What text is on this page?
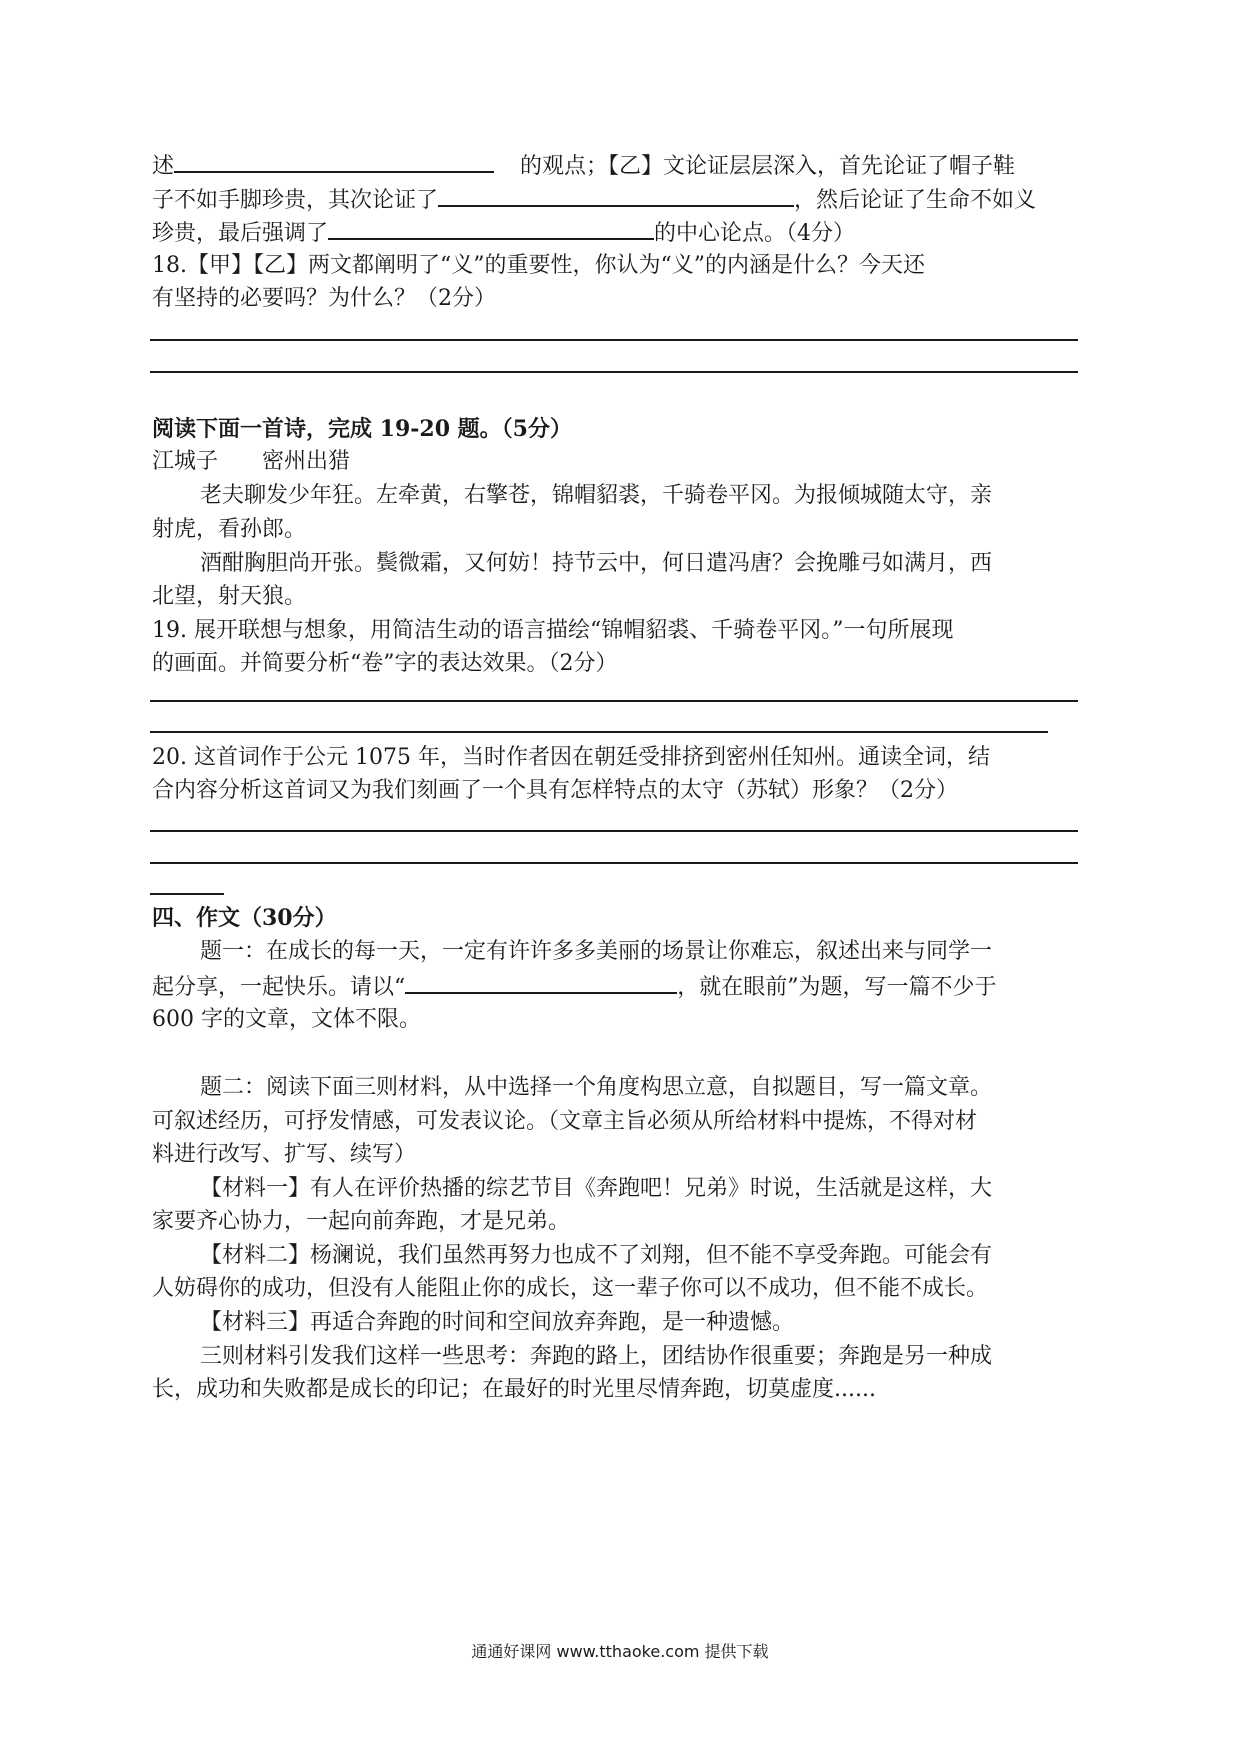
述	的观点；【乙】文论证层层深入，首先论证了帽子鞋
子不如手脚珍贵，其次论证了	，然后论证了生命不如义
珍贵，最后强调了	的中心论点。（4分）
18.【甲】【乙】两文都阐明了“义”的重要性，你认为“义”的内涵是什么？今天还
有坚持的必要吗？为什么？（2分）
阅读下面一首诗，完成 19-20 题。（5分）
江城子　　密州出猎
老夫聊发少年狂。左牵黄，右擎苍，锦帽貂裘，千骑卷平冈。为报倾城随太守，亲
射虎，看孙郎。
酒酣胸胆尚开张。鬓微霜，又何妨！持节云中，何日遣冯唐？会挽雕弓如满月，西
北望，射天狼。
19. 展开联想与想象，用简洁生动的语言描绘“锦帽貂裘、千骑卷平冈。”一句所展现
的画面。并简要分析“卷”字的表达效果。（2分）
20. 这首词作于公元 1075 年，当时作者因在朝廷受排挤到密州任知州。通读全词，结
合内容分析这首词又为我们刻画了一个具有怎样特点的太守（苏轼）形象？（2分）
四、作文（30分）
题一：在成长的每一天，一定有许许多多美丽的场景让你难忘，叙述出来与同学一
起分享，一起快乐。请以“	，就在眼前”为题，写一篇不少于
600 字的文章，文体不限。
题二：阅读下面三则材料，从中选择一个角度构思立意，自拟题目，写一篇文章。
可叙述经历，可抒发情感，可发表议论。（文章主旨必须从所给材料中提炼，不得对材
料进行改写、扩写、续写）
【材料一】有人在评价热播的综艺节目《奔跑吧！兄弟》时说，生活就是这样，大
家要齐心协力，一起向前奔跑，才是兄弟。
【材料二】杨澜说，我们虽然再努力也成不了刘翔，但不能不享受奔跑。可能会有
人妨碍你的成功，但没有人能阻止你的成长，这一辈子你可以不成功，但不能不成长。
【材料三】再适合奔跑的时间和空间放弃奔跑，是一种遗憾。
三则材料引发我们这样一些思考：奔跑的路上，团结协作很重要；奔跑是另一种成
长，成功和失败都是成长的印记；在最好的时光里尽情奔跑，切莫虚度......
通通好课网 www.tthaoke.com 提供下载
